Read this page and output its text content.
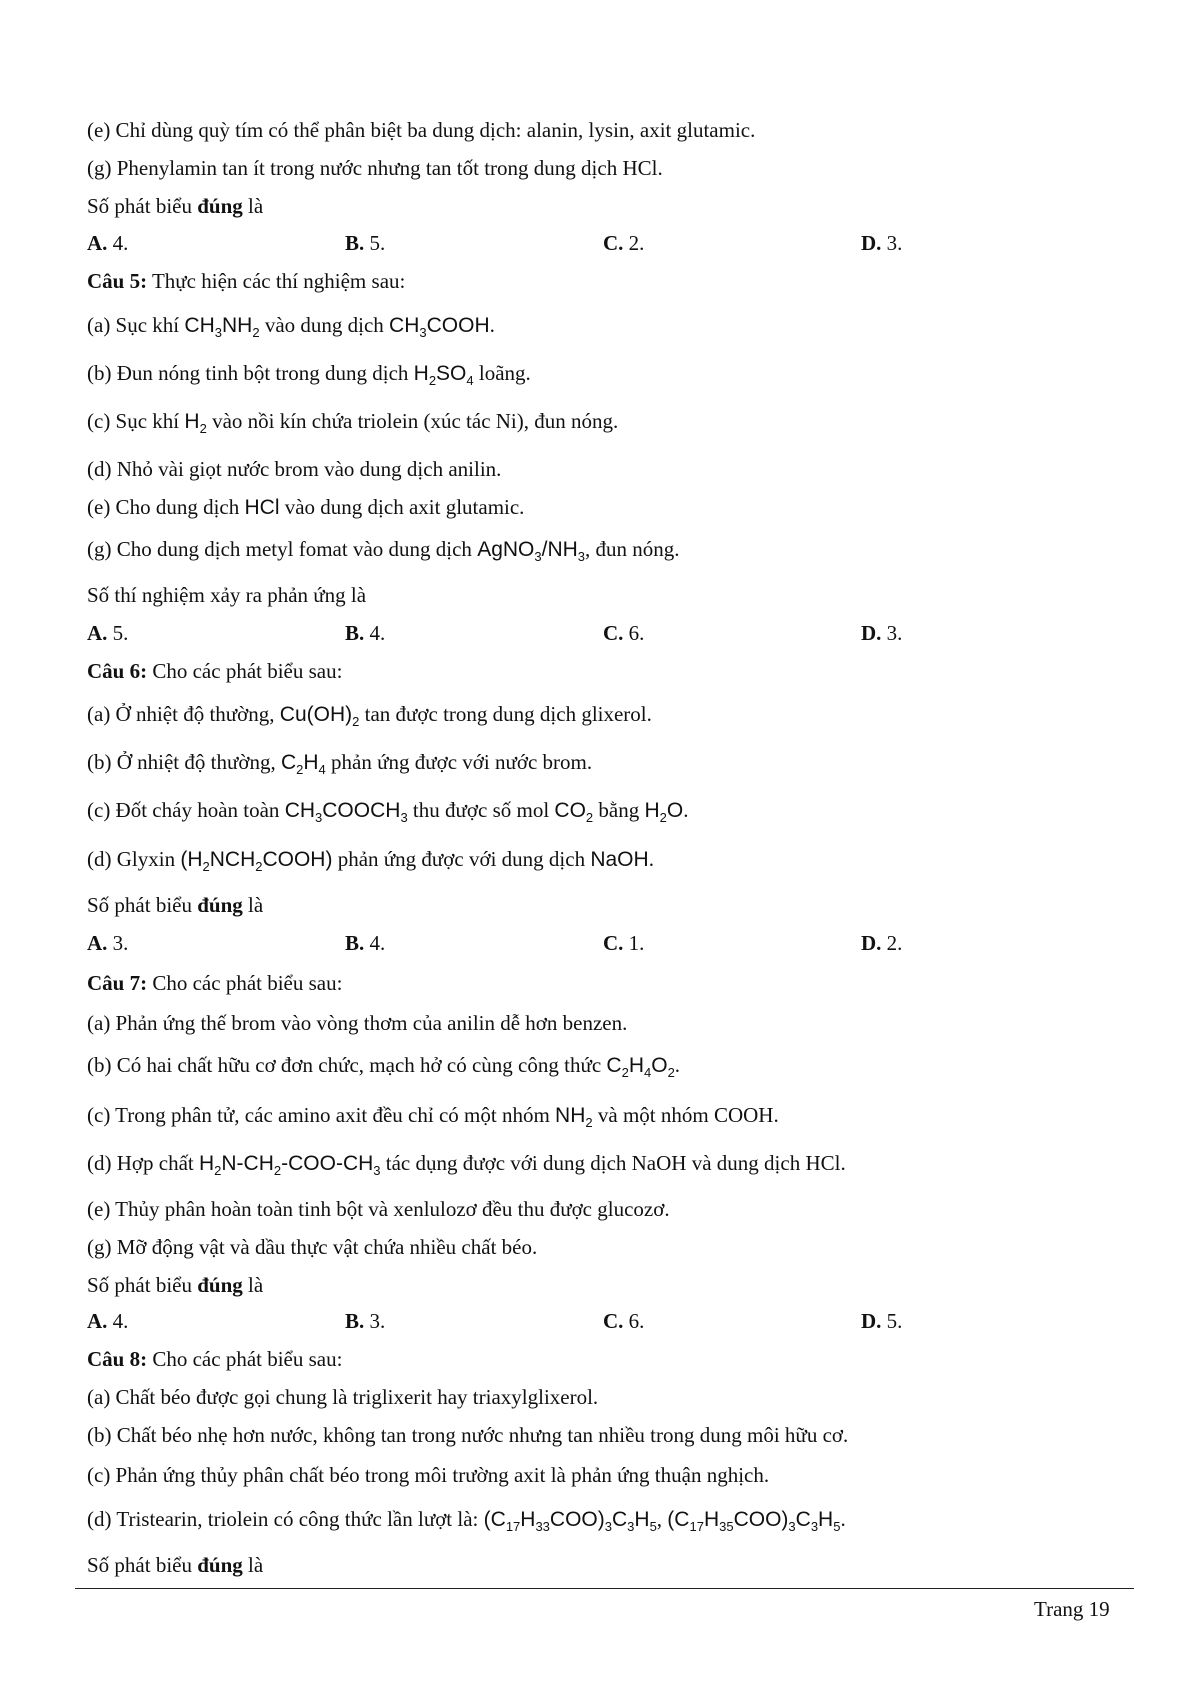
(e) Chỉ dùng quỳ tím có thể phân biệt ba dung dịch: alanin, lysin, axit glutamic.
(g) Phenylamin tan ít trong nước nhưng tan tốt trong dung dịch HCl.
Số phát biểu đúng là
A. 4.	B. 5.	C. 2.	D. 3.
Câu 5: Thực hiện các thí nghiệm sau:
(a) Sục khí $CH_3NH_2$ vào dung dịch $CH_3COOH$.
(b) Đun nóng tinh bột trong dung dịch $H_2SO_4$ loãng.
(c) Sục khí $H_2$ vào nồi kín chứa triolein (xúc tác Ni), đun nóng.
(d) Nhỏ vài giọt nước brom vào dung dịch anilin.
(e) Cho dung dịch HCl vào dung dịch axit glutamic.
(g) Cho dung dịch metyl fomat vào dung dịch $AgNO_3/NH_3$, đun nóng.
Số thí nghiệm xảy ra phản ứng là
A. 5.	B. 4.	C. 6.	D. 3.
Câu 6: Cho các phát biểu sau:
(a) Ở nhiệt độ thường, $Cu(OH)_2$ tan được trong dung dịch glixerol.
(b) Ở nhiệt độ thường, $C_2H_4$ phản ứng được với nước brom.
(c) Đốt cháy hoàn toàn $CH_3COOCH_3$ thu được số mol $CO_2$ bằng $H_2O$.
(d) Glyxin $(H_2NCH_2COOH)$ phản ứng được với dung dịch NaOH.
Số phát biểu đúng là
A. 3.	B. 4.	C. 1.	D. 2.
Câu 7: Cho các phát biểu sau:
(a) Phản ứng thế brom vào vòng thơm của anilin dễ hơn benzen.
(b) Có hai chất hữu cơ đơn chức, mạch hở có cùng công thức $C_2H_4O_2$.
(c) Trong phân tử, các amino axit đều chỉ có một nhóm $NH_2$ và một nhóm COOH.
(d) Hợp chất $H_2N-CH_2-COO-CH_3$ tác dụng được với dung dịch NaOH và dung dịch HCl.
(e) Thủy phân hoàn toàn tinh bột và xenlulozơ đều thu được glucozơ.
(g) Mỡ động vật và dầu thực vật chứa nhiều chất béo.
Số phát biểu đúng là
A. 4.	B. 3.	C. 6.	D. 5.
Câu 8: Cho các phát biểu sau:
(a) Chất béo được gọi chung là triglixerit hay triaxylglixerol.
(b) Chất béo nhẹ hơn nước, không tan trong nước nhưng tan nhiều trong dung môi hữu cơ.
(c) Phản ứng thủy phân chất béo trong môi trường axit là phản ứng thuận nghịch.
(d) Tristearin, triolein có công thức lần lượt là: $(C_{17}H_{33}COO)_3C_3H_5$, $(C_{17}H_{35}COO)_3C_3H_5$.
Số phát biểu đúng là
Trang 19
